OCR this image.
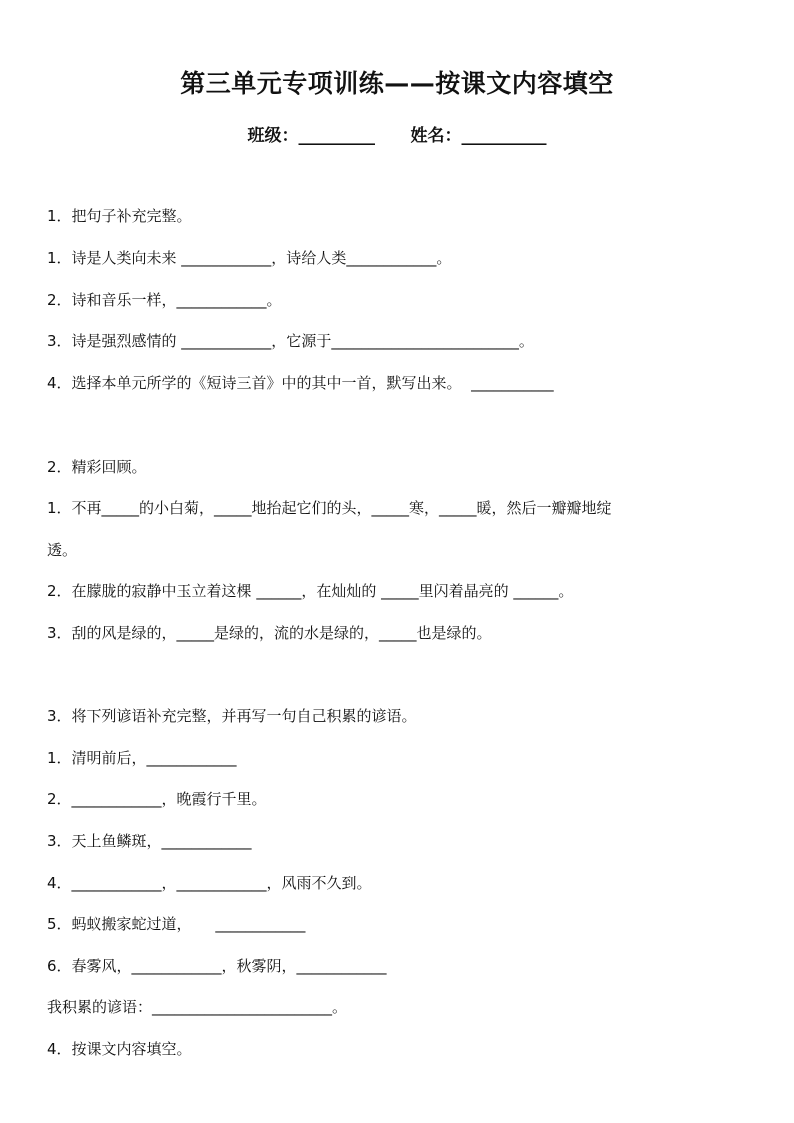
第三单元专项训练——按课文内容填空
班级：_________      姓名：__________
1．把句子补充完整。
1．诗是人类向未来 ____________，诗给人类____________。
2．诗和音乐一样，____________。
3．诗是强烈感情的 ____________，它源于_________________________。
4．选择本单元所学的《短诗三首》中的其中一首，默写出来。  ___________
2．精彩回顾。
1．不再_____的小白菊，_____地抬起它们的头，_____寒，_____暖，然后一瓣瓣地绽
透。
2．在朦胧的寂静中玉立着这棵 ______，在灿灿的 _____里闪着晶亮的 ______。
3．刮的风是绿的，_____是绿的，流的水是绿的，_____也是绿的。
3．将下列谚语补充完整，并再写一句自己积累的谚语。
1．清明前后，____________
2．____________，晚霞行千里。
3．天上鱼鳞斑，____________
4．____________，____________，风雨不久到。
5．蚂蚁搬家蛇过道，     ____________
6．春雾风，____________，秋雾阴，____________
我积累的谚语：________________________。
4．按课文内容填空。
